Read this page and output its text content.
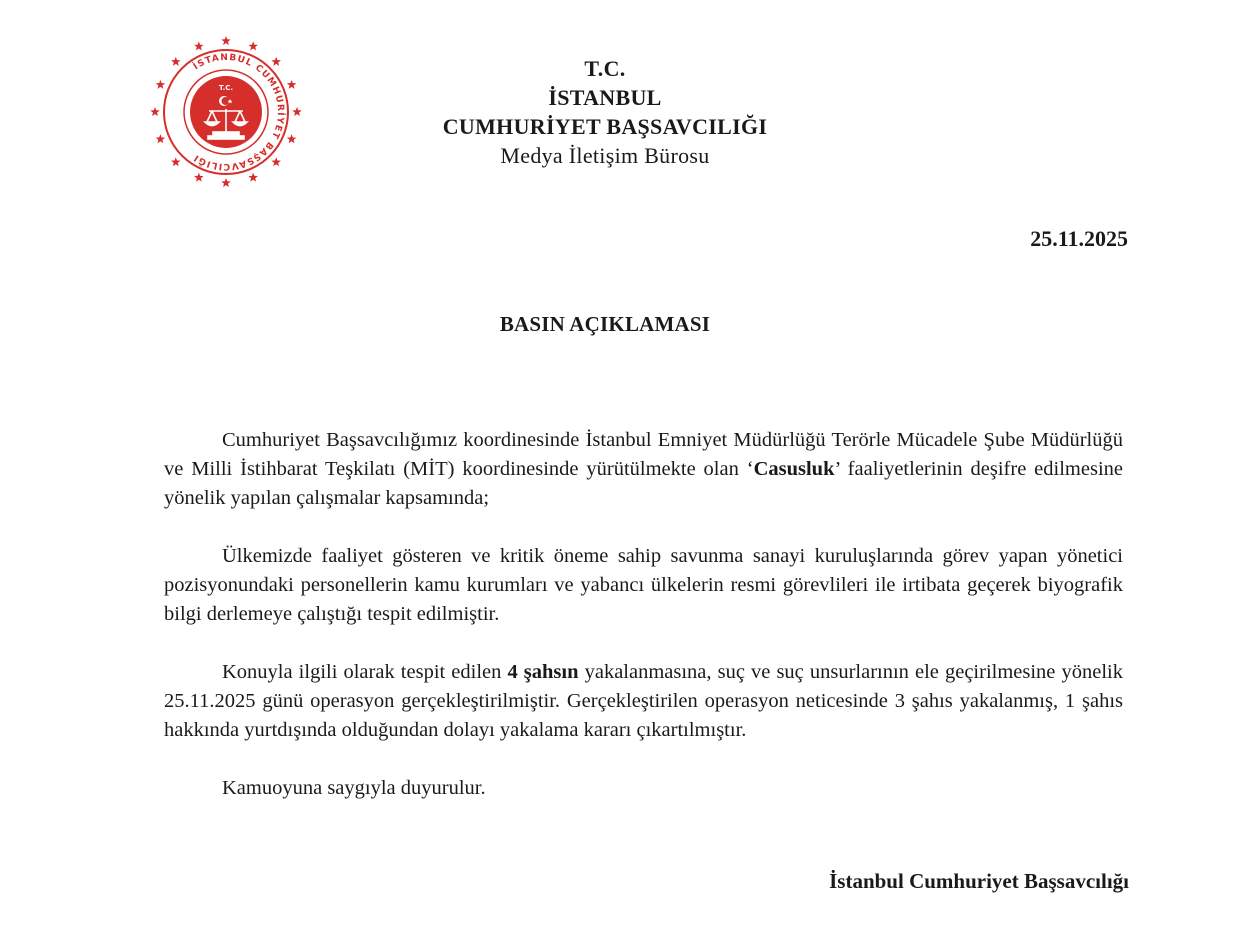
İSTANBUL CUMHURİYET BAŞSAVCILIĞI
T.C.
T.C.
İSTANBUL
CUMHURİYET BAŞSAVCILIĞI
Medya İletişim Bürosu
25.11.2025
BASIN AÇIKLAMASI

Cumhuriyet Başsavcılığımız koordinesinde İstanbul Emniyet Müdürlüğü Terörle Mücadele Şube Müdürlüğü ve Milli İstihbarat Teşkilatı (MİT) koordinesinde yürütülmekte olan ‘Casusluk’ faaliyetlerinin deşifre edilmesine yönelik yapılan çalışmalar kapsamında;

Ülkemizde faaliyet gösteren ve kritik öneme sahip savunma sanayi kuruluşlarında görev yapan yönetici pozisyonundaki personellerin kamu kurumları ve yabancı ülkelerin resmi görevlileri ile irtibata geçerek biyografik bilgi derlemeye çalıştığı tespit edilmiştir.

Konuyla ilgili olarak tespit edilen 4 şahsın yakalanmasına, suç ve suç unsurlarının ele geçirilmesine yönelik 25.11.2025 günü operasyon gerçekleştirilmiştir. Gerçekleştirilen operasyon neticesinde 3 şahıs yakalanmış, 1 şahıs hakkında yurtdışında olduğundan dolayı yakalama kararı çıkartılmıştır.

Kamuoyuna saygıyla duyurulur.

İstanbul Cumhuriyet Başsavcılığı
